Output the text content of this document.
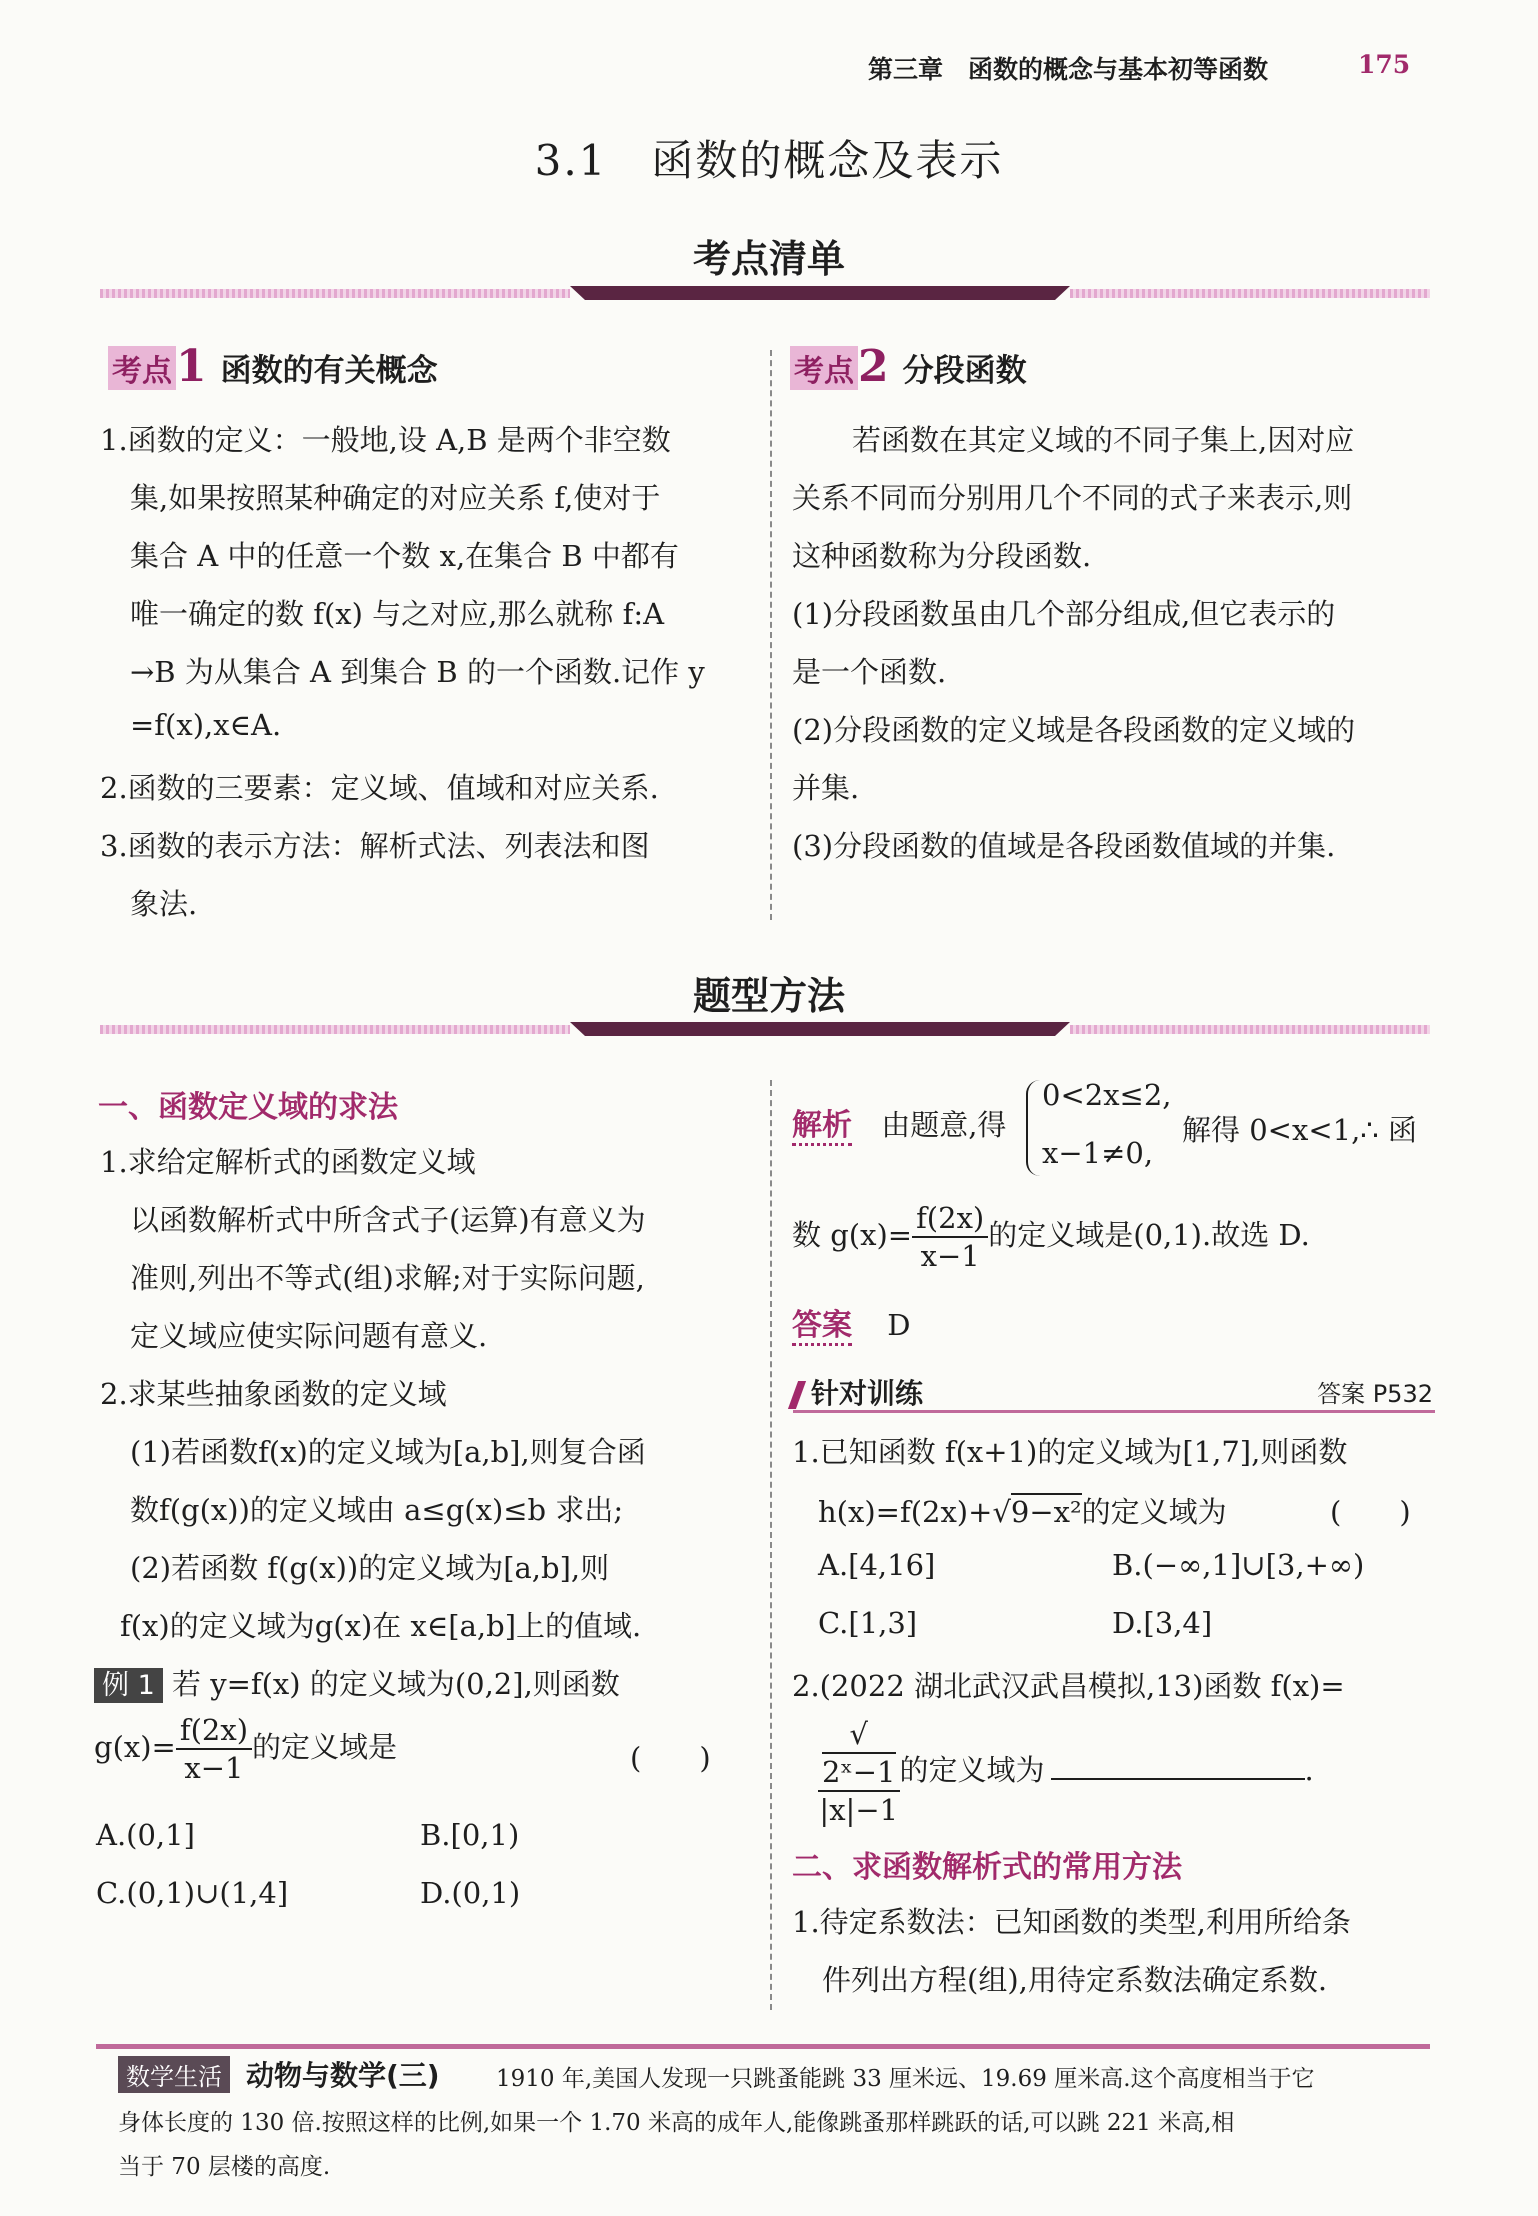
第三章　函数的概念与基本初等函数	175
3.1　函数的概念及表示
考点清单
考点1 函数的有关概念
1.函数的定义：一般地,设 A,B 是两个非空数
集,如果按照某种确定的对应关系 f,使对于
集合 A 中的任意一个数 x,在集合 B 中都有
唯一确定的数 f(x) 与之对应,那么就称 f:A
→B 为从集合 A 到集合 B 的一个函数.记作 y
=f(x),x∈A.
2.函数的三要素：定义域、值域和对应关系.
3.函数的表示方法：解析式法、列表法和图
象法.
考点2 分段函数
若函数在其定义域的不同子集上,因对应
关系不同而分别用几个不同的式子来表示,则
这种函数称为分段函数.
(1)分段函数虽由几个部分组成,但它表示的
是一个函数.
(2)分段函数的定义域是各段函数的定义域的
并集.
(3)分段函数的值域是各段函数值域的并集.
题型方法
一、函数定义域的求法
1.求给定解析式的函数定义域
以函数解析式中所含式子(运算)有意义为
准则,列出不等式(组)求解;对于实际问题,
定义域应使实际问题有意义.
2.求某些抽象函数的定义域
(1)若函数f(x)的定义域为[a,b],则复合函
数f(g(x))的定义域由 a≤g(x)≤b 求出;
(2)若函数 f(g(x))的定义域为[a,b],则
f(x)的定义域为g(x)在 x∈[a,b]上的值域.
例 1 若 y=f(x) 的定义域为(0,2],则函数
$g(x)= \frac{f(2x)}{x-1}$ 的定义域是	(　　)
A.(0,1]	B.[0,1)
C.(0,1)∪(1,4]	D.(0,1)
解析 由题意,得
0<2x≤2,
x−1≠0,
解得 0<x<1,∴ 函
数 $g(x)= \frac{f(2x)}{x-1}$ 的定义域是(0,1).故选 D.
答案 D
针对训练	答案 P532
1.已知函数 f(x+1)的定义域为[1,7],则函数
h(x)=f(2x)+√9−x²的定义域为	(　　)
A.[4,16]	B.(−∞,1]∪[3,+∞)
C.[1,3]	D.[3,4]
2.(2022 湖北武汉武昌模拟,13)函数 f(x)=
√
2ˣ−1
|x|−1 的定义域为	.
二、求函数解析式的常用方法
1.待定系数法：已知函数的类型,利用所给条
件列出方程(组),用待定系数法确定系数.
数学生活 动物与数学(三) 1910 年,美国人发现一只跳蚤能跳 33 厘米远、19.69 厘米高.这个高度相当于它
身体长度的 130 倍.按照这样的比例,如果一个 1.70 米高的成年人,能像跳蚤那样跳跃的话,可以跳 221 米高,相
当于 70 层楼的高度.
